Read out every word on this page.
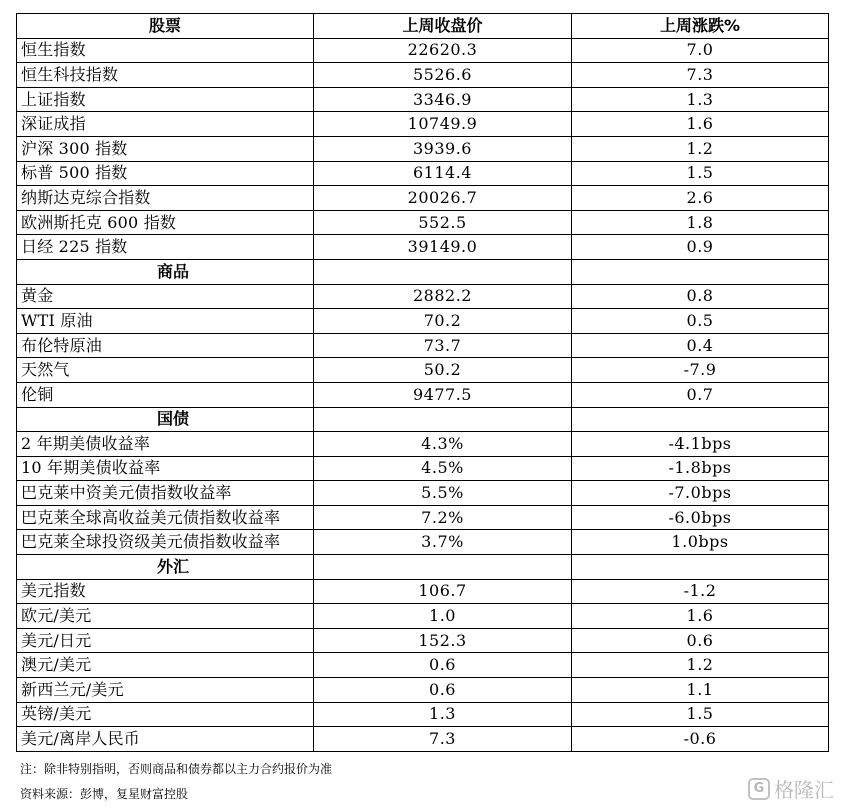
股票	上周收盘价	上周涨跌%
恒生指数	22620.3	7.0
恒生科技指数	5526.6	7.3
上证指数	3346.9	1.3
深证成指	10749.9	1.6
沪深 300 指数	3939.6	1.2
标普 500 指数	6114.4	1.5
纳斯达克综合指数	20026.7	2.6
欧洲斯托克 600 指数	552.5	1.8
日经 225 指数	39149.0	0.9
商品		
黄金	2882.2	0.8
WTI 原油	70.2	0.5
布伦特原油	73.7	0.4
天然气	50.2	-7.9
伦铜	9477.5	0.7
国债		
2 年期美债收益率	4.3%	-4.1bps
10 年期美债收益率	4.5%	-1.8bps
巴克莱中资美元债指数收益率	5.5%	-7.0bps
巴克莱全球高收益美元债指数收益率	7.2%	-6.0bps
巴克莱全球投资级美元债指数收益率	3.7%	1.0bps
外汇		
美元指数	106.7	-1.2
欧元/美元	1.0	1.6
美元/日元	152.3	0.6
澳元/美元	0.6	1.2
新西兰元/美元	0.6	1.1
英镑/美元	1.3	1.5
美元/离岸人民币	7.3	-0.6
注：除非特别指明，否则商品和债券都以主力合约报价为准
资料来源：彭博，复星财富控股	G 格隆汇
